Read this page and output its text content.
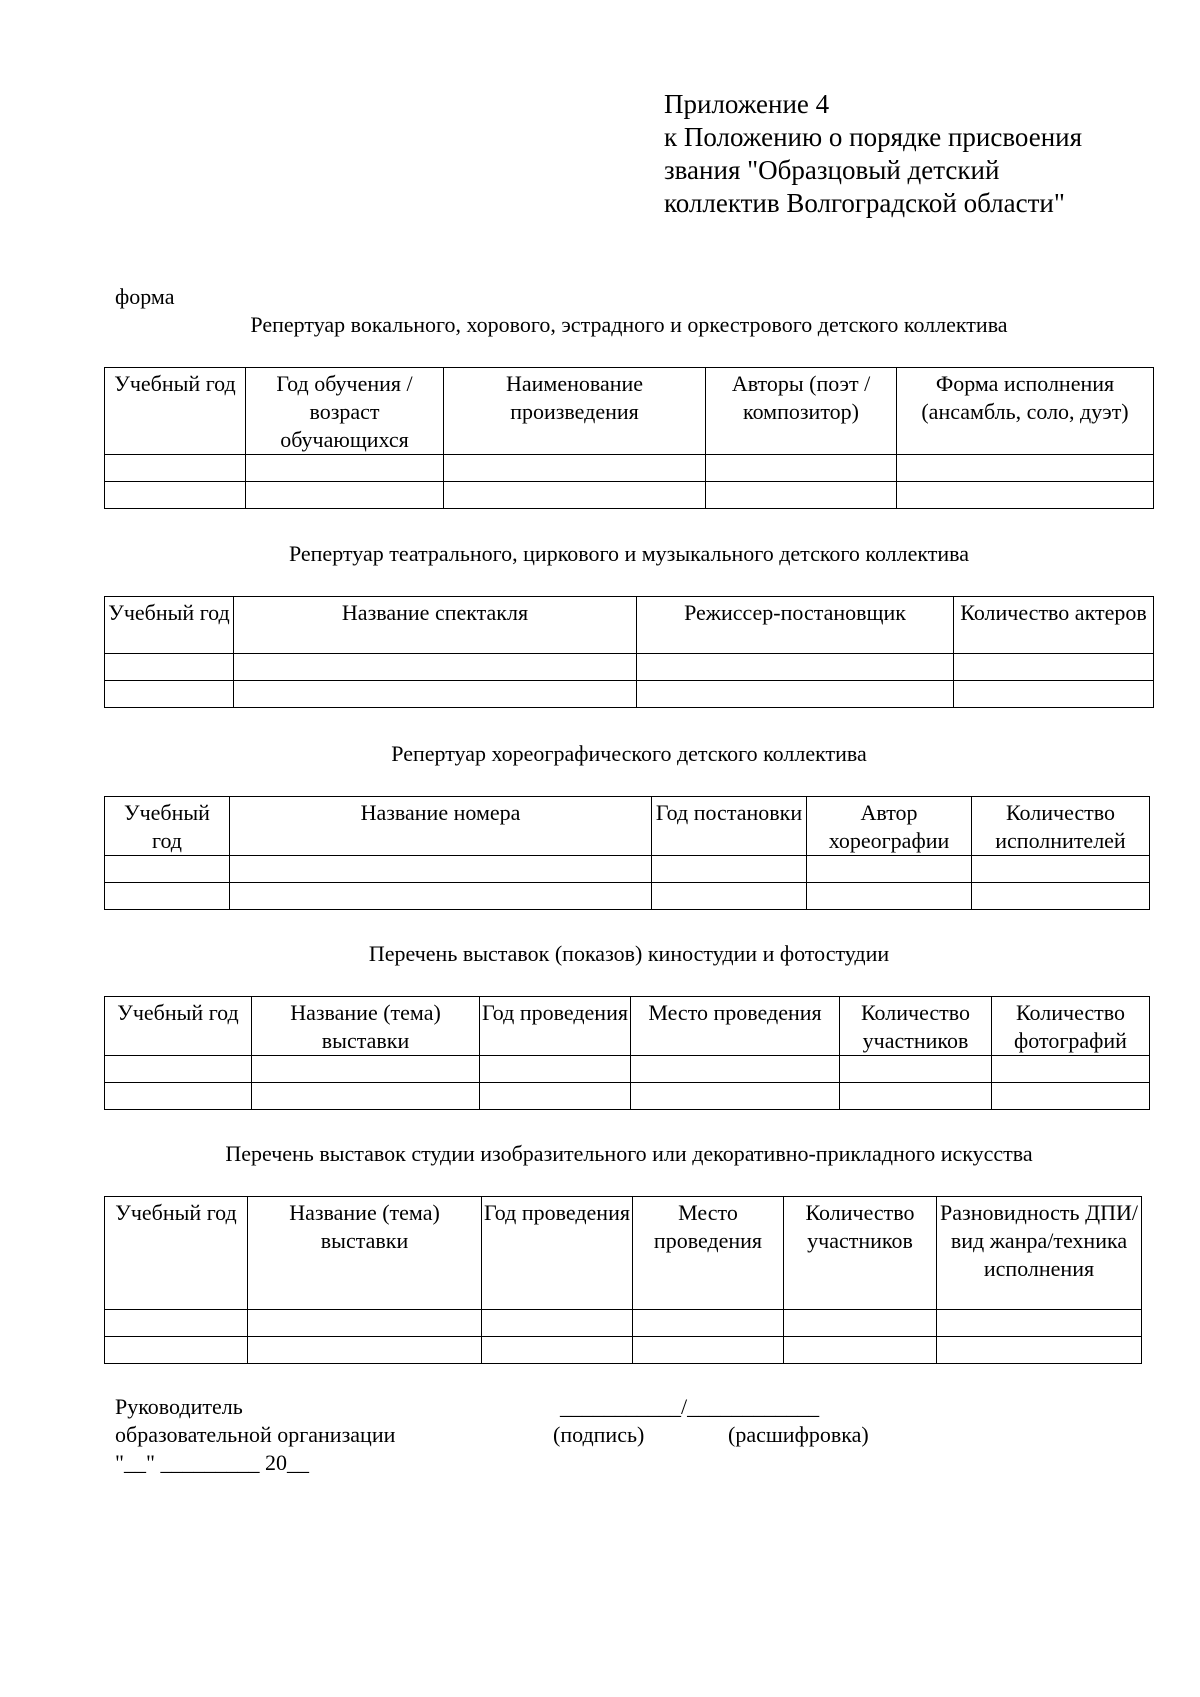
Приложение 4
к Положению о порядке присвоения
звания "Образцовый детский
коллектив Волгоградской области"
форма
Репертуар вокального, хорового, эстрадного и оркестрового детского коллектива
Учебный год	Год обучения / возраст обучающихся	Наименование произведения	Авторы (поэт / композитор)	Форма исполнения (ансамбль, соло, дуэт)

Репертуар театрального, циркового и музыкального детского коллектива
Учебный год	Название спектакля	Режиссер-постановщик	Количество актеров

Репертуар хореографического детского коллектива
Учебный год	Название номера	Год постановки	Автор хореографии	Количество исполнителей

Перечень выставок (показов) киностудии и фотостудии
Учебный год	Название (тема) выставки	Год проведения	Место проведения	Количество участников	Количество фотографий

Перечень выставок студии изобразительного или декоративно-прикладного искусства
Учебный год	Название (тема) выставки	Год проведения	Место проведения	Количество участников	Разновидность ДПИ/вид жанра/техника исполнения

Руководитель
образовательной организации
"__" _________ 20__
___________/____________
(подпись)	(расшифровка)
